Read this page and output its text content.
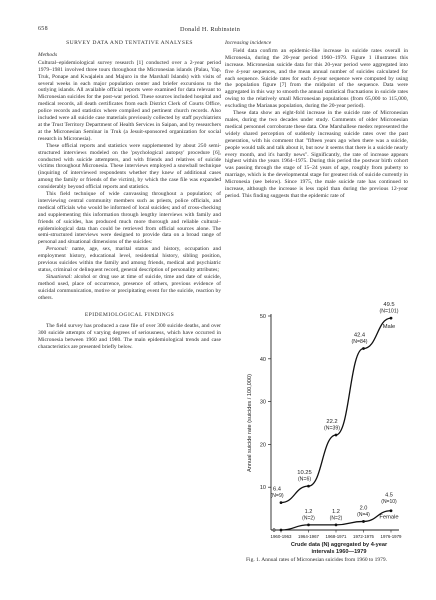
658	Donald H. Rubinstein
SURVEY DATA AND TENTATIVE ANALYSES
Methods

Cultural–epidemiological survey research [1] conducted over a 2-year period 1979–1981 involved three tours throughout the Micronesian islands (Palau, Yap, Truk, Ponape and Kwajalein and Majuro in the Marshall Islands) with visits of several weeks in each major population center and briefer excursions to the outlying islands. All available official reports were examined for data relevant to Micronesian suicides for the post-war period. These sources included hospital and medical records, all death certificates from each District Clerk of Courts Office, police records and statistics where compiled and pertinent church records. Also included were all suicide case materials previously collected by staff psychiatrists at the Trust Territory Department of Health Services in Saipan, and by researchers at the Micronesian Seminar in Truk (a Jesuit-sponsored organization for social research in Micronesia).

These official reports and statistics were supplemented by about 250 semi-structured interviews modeled on the 'psychological autopsy' procedure [6], conducted with suicide attempters, and with friends and relatives of suicide victims throughout Micronesia. These interviews employed a snowball technique (inquiring of interviewed respondents whether they knew of additional cases among the family or friends of the victim), by which the case file was expanded considerably beyond official reports and statistics.

This field technique of wide canvassing throughout a population; of interviewing central community members such as priests, police officials, and medical officials who would be informed of local suicides; and of cross-checking and supplementing this information through lengthy interviews with family and friends of suicides, has produced much more thorough and reliable cultural–epidemiological data than could be retrieved from official sources alone. The semi-structured interviews were designed to provide data on a broad range of personal and situational dimensions of the suicides:

Personal: name, age, sex, marital status and history, occupation and employment history, educational level, residential history, sibling position, previous suicides within the family and among friends, medical and psychiatric status, criminal or delinquent record, general description of personality attributes;

Situational: alcohol or drug use at time of suicide, time and date of suicide, method used, place of occurrence, presence of others, previous evidence of suicidal communication, motive or precipitating event for the suicide, reaction by others.

EPIDEMIOLOGICAL FINDINGS

The field survey has produced a case file of over 300 suicide deaths, and over 300 suicide attempts of varying degrees of seriousness, which have occurred in Micronesia between 1960 and 1980. The main epidemiological trends and case characteristics are presented briefly below.

Increasing incidence

Field data confirm an epidemic-like increase in suicide rates overall in Micronesia, during the 20-year period 1960–1979. Figure 1 illustrates this increase. Micronesian suicide data for this 20-year period were aggregated into five 4-year sequences, and the mean annual number of suicides calculated for each sequence. Suicide rates for each 4-year sequence were computed by using the population figure [7] from the midpoint of the sequence. Data were aggregated in this way to smooth the annual statistical fluctuations in suicide rates owing to the relatively small Micronesian populations (from 65,000 to 115,000, excluding the Marianas population, during the 20-year period).

These data show an eight-fold increase in the suicide rate of Micronesian males, during the two decades under study. Comments of older Micronesian medical personnel corroborate these data. One Marshallese medex represented the widely shared perception of suddenly increasing suicide rates over the past generation, with his comment that "fifteen years ago when there was a suicide, people would talk and talk about it, but now it seems that there is a suicide nearly every month, and it's hardly news". Significantly, the rate of increase appears highest within the years 1964–1975. During this period the postwar birth cohort was passing through the stage of 15–24 years of age, roughly from puberty to marriage, which is the developmental stage for greatest risk of suicide currently in Micronesia (see below). Since 1975, the male suicide rate has continued to increase, although the increase is less rapid than during the previous 12-year period. This finding suggests that the epidemic rate of

10
20
30
40
50
Annual suicide rate (suicides / 100,000)
1960-1963 1964-1967 1968-1971 1972-1975 1976-1979
Crude data (N) aggregated by 4-year
intervals 1960—1979
6.4
(N=9)
10.25
(N=6)
22.2
(N=39)
42.4
(N=84)
49.5
(N=101)
Male
0
1.2
(N=2)
1.2
(N=2)
2.0
(N=4)
4.5
(N=10)
Female
Fig. 1. Annual rates of Micronesian suicides from 1960 to 1979.
